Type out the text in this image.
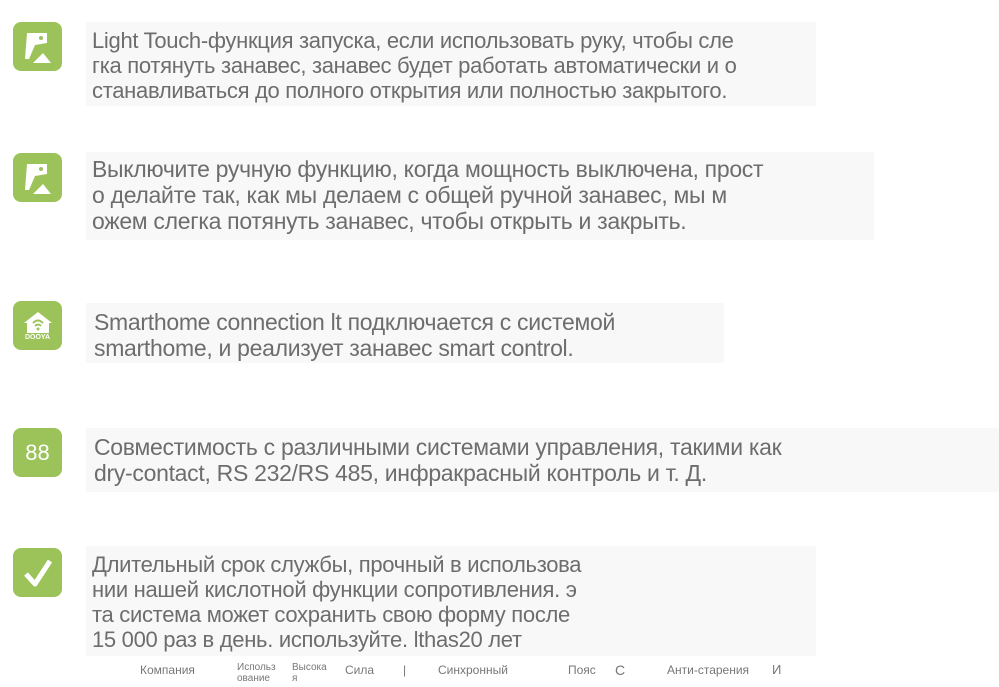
Light Touch-функция запуска, если использовать руку, чтобы сле
гка потянуть занавес, занавес будет работать автоматически и о
станавливаться до полного открытия или полностью закрытого.
Выключите ручную функцию, когда мощность выключена, прост
о делайте так, как мы делаем с общей ручной занавес, мы м
ожем слегка потянуть занавес, чтобы открыть и закрыть.
DOOYA
Smarthome connection lt подключается с системой
smarthome, и реализует занавес smart control.
88 Совместимость с различными системами управления, такими как
dry-contact, RS 232/RS 485, инфракрасный контроль и т. Д.
Длительный срок службы, прочный в использова
нии нашей кислотной функции сопротивления. э
та система может сохранить свою форму после
15 000 раз в день. используйте. lthas20 лет
Компания	Использ
ование
Высока
я
Сила |	Синхронный	Пояс С	Анти-старения И
